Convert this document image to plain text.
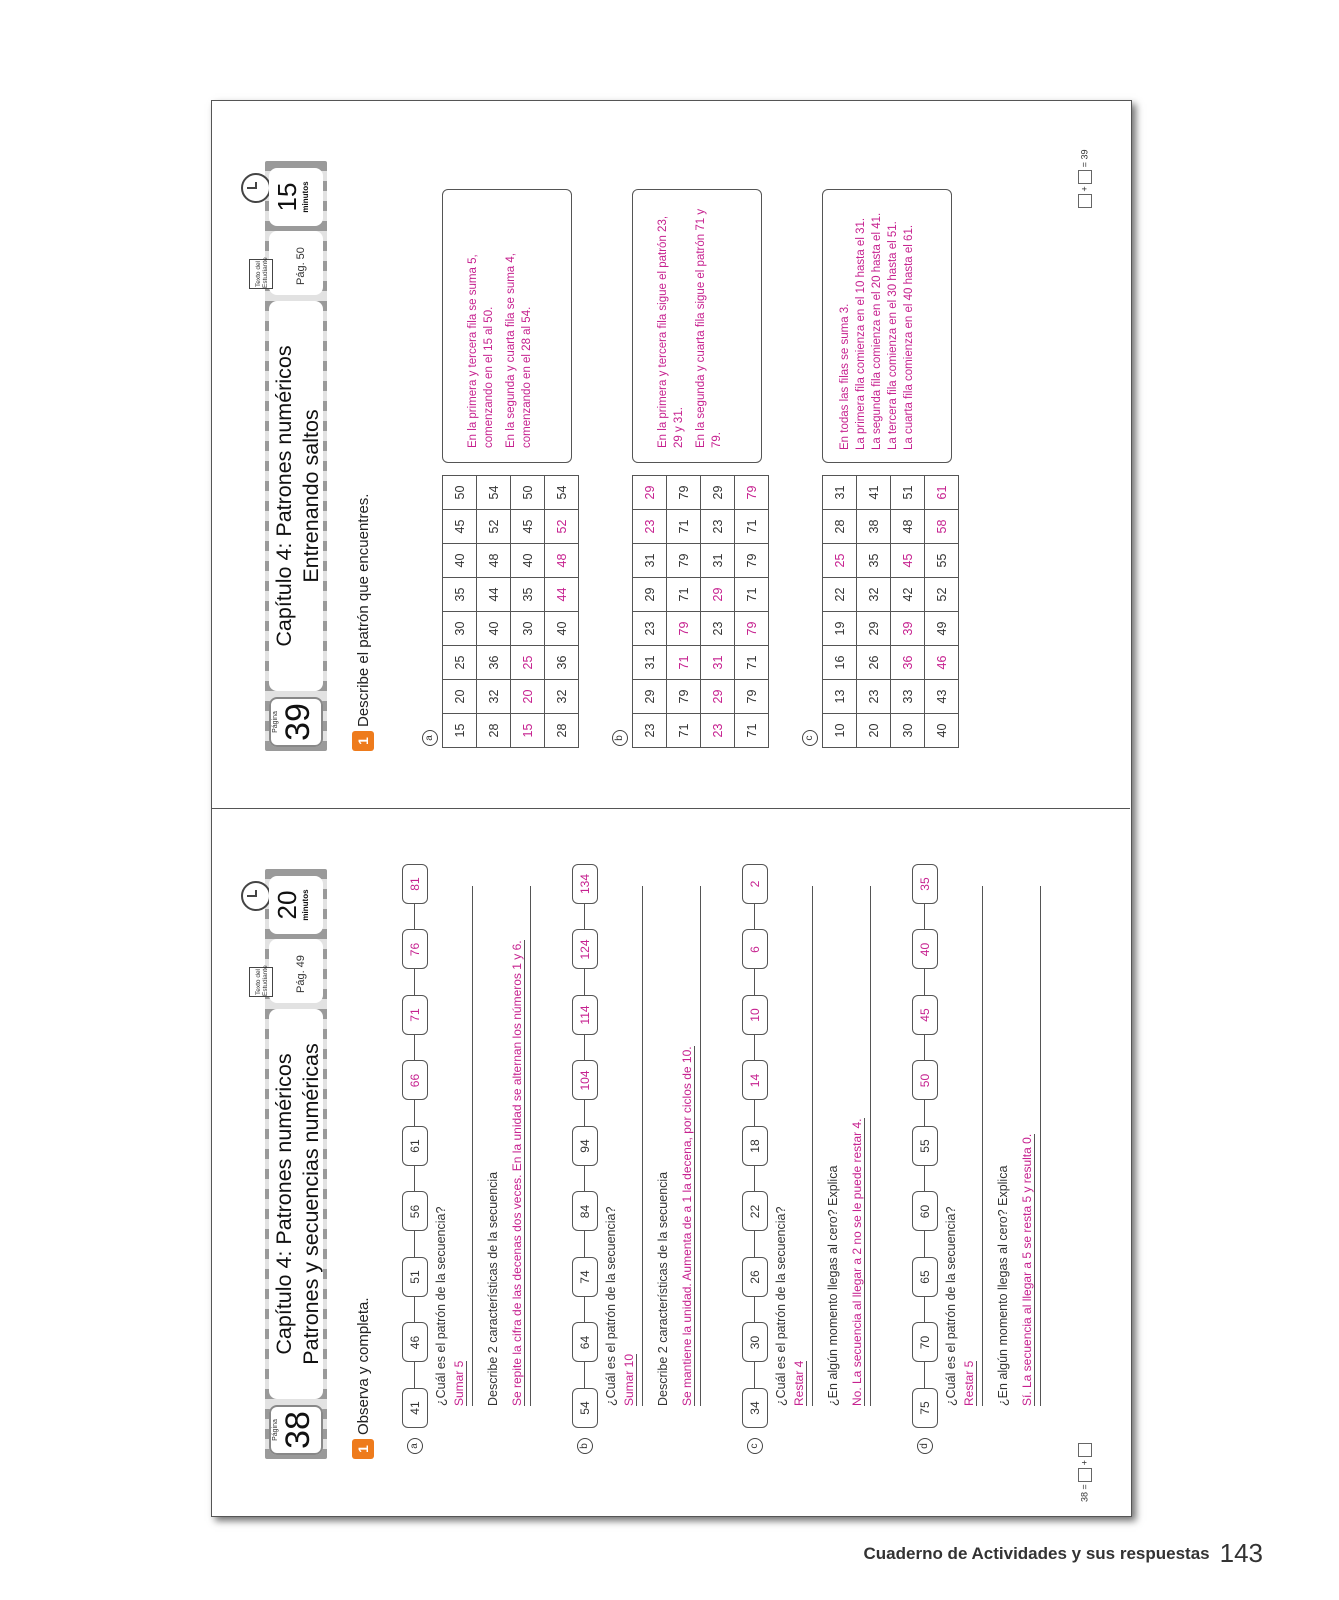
Página 38
Capítulo 4: Patrones numéricos Patrones y secuencias numéricas
Texto del Estudiante	Pág. 49
20 minutos
1Observa y completa.
a
41
46
51
56
61
66
71
76
81
¿Cuál es el patrón de la secuencia? Sumar 5 Describe 2 características de la secuencia Se repite la cifra de las decenas dos veces. En la unidad se alternan los números 1 y 6.
b
54
64
74
84
94
104
114
124
134
¿Cuál es el patrón de la secuencia? Sumar 10 Describe 2 características de la secuencia Se mantiene la unidad. Aumenta de a 1 la decena, por ciclos de 10.
c
34
30
26
22
18
14
10
6
2
¿Cuál es el patrón de la secuencia? Restar 4 ¿En algún momento llegas al cero? Explica No. La secuencia al llegar a 2 no se le puede restar 4.
d
75
70
65
60
55
50
45
40
35
¿Cuál es el patrón de la secuencia? Restar 5 ¿En algún momento llegas al cero? Explica Sí. La secuencia al llegar a 5 se resta 5 y resulta 0.
38 =  +
Página 39
Capítulo 4: Patrones numéricos Entrenando saltos
Texto del Estudiante	Pág. 50
15 minutos
1Describe el patrón que encuentres.
a
15	20	25	30	35	40	45	50
28	32	36	40	44	48	52	54
15	20	25	30	35	40	45	50
28	32	36	40	44	48	52	54

En la primera y tercera fila se suma 5, comenzando en el 15 al 50. En la segunda y cuarta fila se suma 4, comenzando en el 28 al 54.

b
23	29	31	23	29	31	23	29
71	79	71	79	71	79	71	79
23	29	31	23	29	31	23	29
71	79	71	79	71	79	71	79

En la primera y tercera fila sigue el patrón 23, 29 y 31. En la segunda y cuarta fila sigue el patrón 71 y 79.

c
10	13	16	19	22	25	28	31
20	23	26	29	32	35	38	41
30	33	36	39	42	45	48	51
40	43	46	49	52	55	58	61

En todas las filas se suma 3. La primera fila comienza en el 10 hasta el 31. La segunda fila comienza en el 20 hasta el 41. La tercera fila comienza en el 30 hasta el 51. La cuarta fila comienza en el 40 hasta el 61.

+  = 39
Cuaderno de Actividades y sus respuestas 143
